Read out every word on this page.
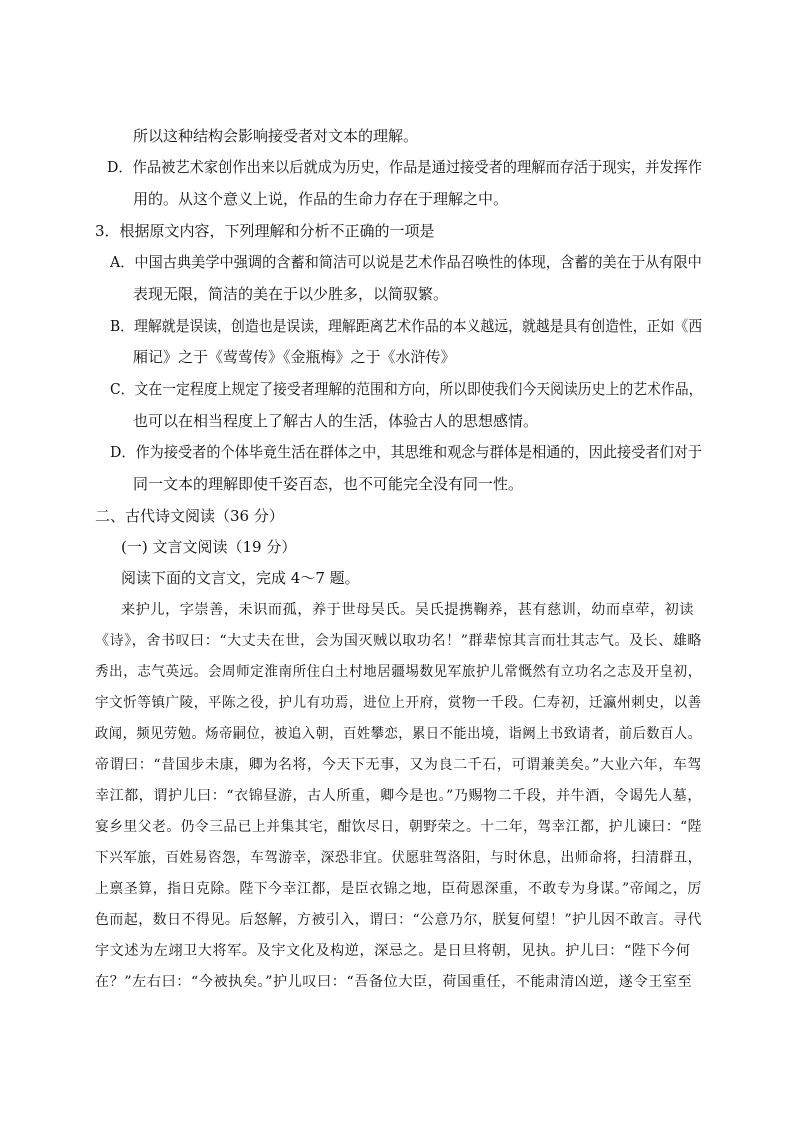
所以这种结构会影响接受者对文本的理解。
D．作品被艺术家创作出来以后就成为历史，作品是通过接受者的理解而存活于现实，并发挥作
用的。从这个意义上说，作品的生命力存在于理解之中。
3．根据原文内容，下列理解和分析不正确的一项是
A．中国古典美学中强调的含蓄和简洁可以说是艺术作品召唤性的体现，含蓄的美在于从有限中
表现无限，简洁的美在于以少胜多，以简驭繁。
B．理解就是误读，创造也是误读，理解距离艺术作品的本义越远，就越是具有创造性，正如《西
厢记》之于《莺莺传》《金瓶梅》之于《水浒传》
C．文在一定程度上规定了接受者理解的范围和方向，所以即使我们今天阅读历史上的艺术作品，
也可以在相当程度上了解古人的生活，体验古人的思想感情。
D．作为接受者的个体毕竟生活在群体之中，其思维和观念与群体是相通的，因此接受者们对于
同一文本的理解即使千姿百态，也不可能完全没有同一性。
二、古代诗文阅读（36 分）
(一) 文言文阅读（19 分）
阅读下面的文言文，完成 4～7 题。
来护儿，字崇善，未识而孤，养于世母吴氏。吴氏提携鞠养，甚有慈训，幼而卓荦，初读
《诗》，舍书叹曰：“大丈夫在世，会为国灭贼以取功名！”群辈惊其言而壮其志气。及长、雄略
秀出，志气英远。会周师定淮南所住白土村地居疆埸数见军旅护儿常慨然有立功名之志及开皇初，
宇文忻等镇广陵，平陈之役，护儿有功焉，进位上开府，赏物一千段。仁寿初，迁瀛州刺史，以善
政闻，频见劳勉。炀帝嗣位，被追入朝，百姓攀恋，累日不能出境，诣阙上书致请者，前后数百人。
帝谓曰：“昔国步未康，卿为名将，今天下无事，又为良二千石，可谓兼美矣。”大业六年，车驾
幸江都，谓护儿曰：“衣锦昼游，古人所重，卿今是也。”乃赐物二千段，并牛酒，令谒先人墓，
宴乡里父老。仍令三品已上并集其宅，酣饮尽日，朝野荣之。十二年，驾幸江都，护儿谏曰：“陛
下兴军旅，百姓易咨怨，车驾游幸，深恐非宜。伏愿驻驾洛阳，与时休息，出师命将，扫清群丑，
上禀圣算，指日克除。陛下今幸江都，是臣衣锦之地，臣荷恩深重，不敢专为身谋。”帝闻之，厉
色而起，数日不得见。后怒解，方被引入，谓曰：“公意乃尔，朕复何望！”护儿因不敢言。寻代
宇文述为左翊卫大将军。及宇文化及构逆，深忌之。是日旦将朝，见执。护儿曰：“陛下今何
在？”左右曰：“今被执矣。”护儿叹曰：“吾备位大臣，荷国重任，不能肃清凶逆，遂令王室至
